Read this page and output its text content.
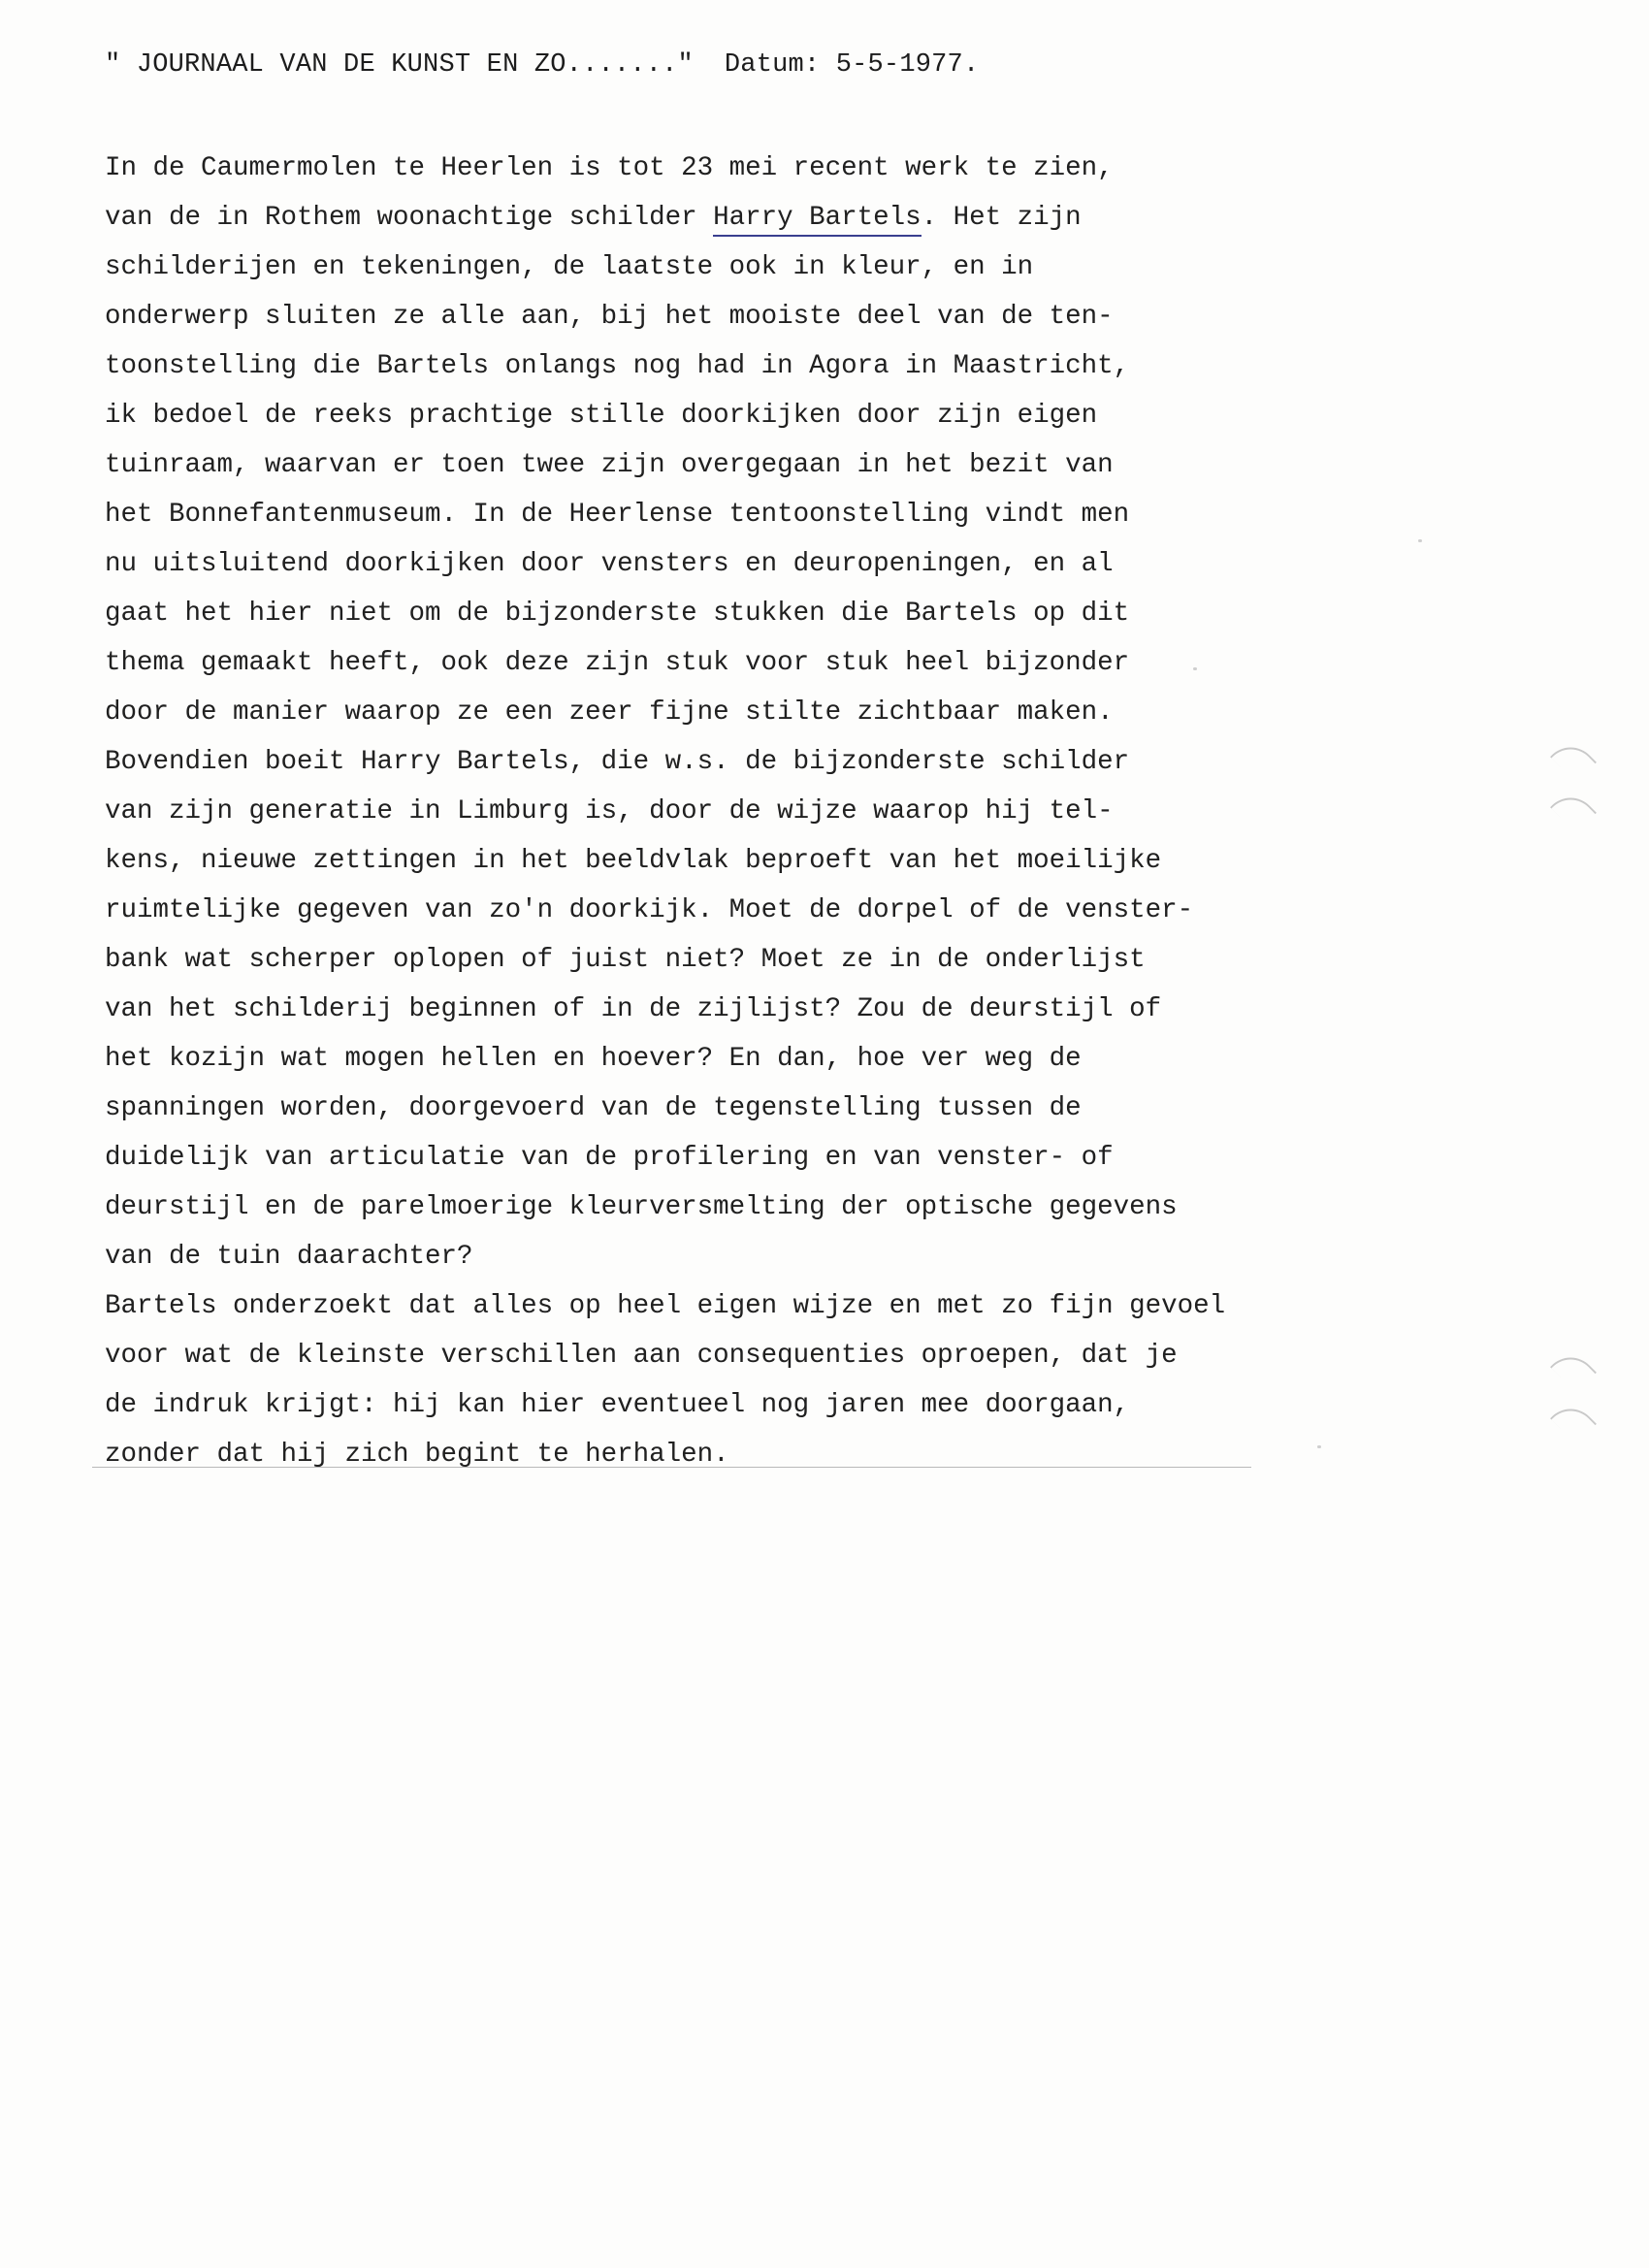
" JOURNAAL VAN DE KUNST EN ZO......." Datum: 5-5-1977.
In de Caumermolen te Heerlen is tot 23 mei recent werk te zien,
van de in Rothem woonachtige schilder Harry Bartels. Het zijn
schilderijen en tekeningen, de laatste ook in kleur, en in
onderwerp sluiten ze alle aan, bij het mooiste deel van de ten-
toonstelling die Bartels onlangs nog had in Agora in Maastricht,
ik bedoel de reeks prachtige stille doorkijken door zijn eigen
tuinraam, waarvan er toen twee zijn overgegaan in het bezit van
het Bonnefantenmuseum. In de Heerlense tentoonstelling vindt men
nu uitsluitend doorkijken door vensters en deuropeningen, en al
gaat het hier niet om de bijzonderste stukken die Bartels op dit
thema gemaakt heeft, ook deze zijn stuk voor stuk heel bijzonder
door de manier waarop ze een zeer fijne stilte zichtbaar maken.
Bovendien boeit Harry Bartels, die w.s. de bijzonderste schilder
van zijn generatie in Limburg is, door de wijze waarop hij tel-
kens, nieuwe zettingen in het beeldvlak beproeft van het moeilijke
ruimtelijke gegeven van zo'n doorkijk. Moet de dorpel of de venster-
bank wat scherper oplopen of juist niet? Moet ze in de onderlijst
van het schilderij beginnen of in de zijlijst? Zou de deurstijl of
het kozijn wat mogen hellen en hoever? En dan, hoe ver weg de
spanningen worden, doorgevoerd van de tegenstelling tussen de
duidelijk van articulatie van de profilering en van venster- of
deurstijl en de parelmoerige kleurversmelting der optische gegevens
van de tuin daarachter?
Bartels onderzoekt dat alles op heel eigen wijze en met zo fijn gevoel
voor wat de kleinste verschillen aan consequenties oproepen, dat je
de indruk krijgt: hij kan hier eventueel nog jaren mee doorgaan,
zonder dat hij zich begint te herhalen.
